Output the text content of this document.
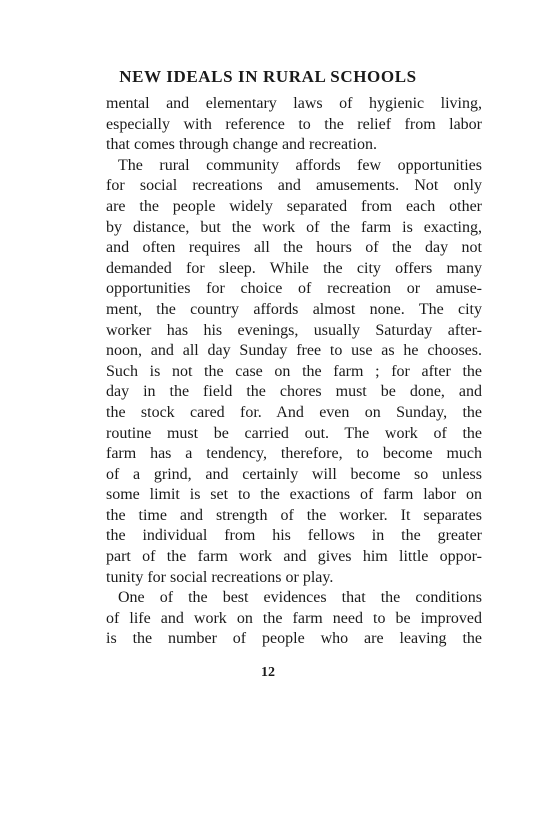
NEW IDEALS IN RURAL SCHOOLS
mental and elementary laws of hygienic living,
especially with reference to the relief from labor
that comes through change and recreation.
The rural community affords few opportunities
for social recreations and amusements. Not only
are the people widely separated from each other
by distance, but the work of the farm is exacting,
and often requires all the hours of the day not
demanded for sleep. While the city offers many
opportunities for choice of recreation or amuse-
ment, the country affords almost none. The city
worker has his evenings, usually Saturday after-
noon, and all day Sunday free to use as he chooses.
Such is not the case on the farm ; for after the
day in the field the chores must be done, and
the stock cared for. And even on Sunday, the
routine must be carried out. The work of the
farm has a tendency, therefore, to become much
of a grind, and certainly will become so unless
some limit is set to the exactions of farm labor on
the time and strength of the worker. It separates
the individual from his fellows in the greater
part of the farm work and gives him little oppor-
tunity for social recreations or play.
One of the best evidences that the conditions
of life and work on the farm need to be improved
is the number of people who are leaving the
12
